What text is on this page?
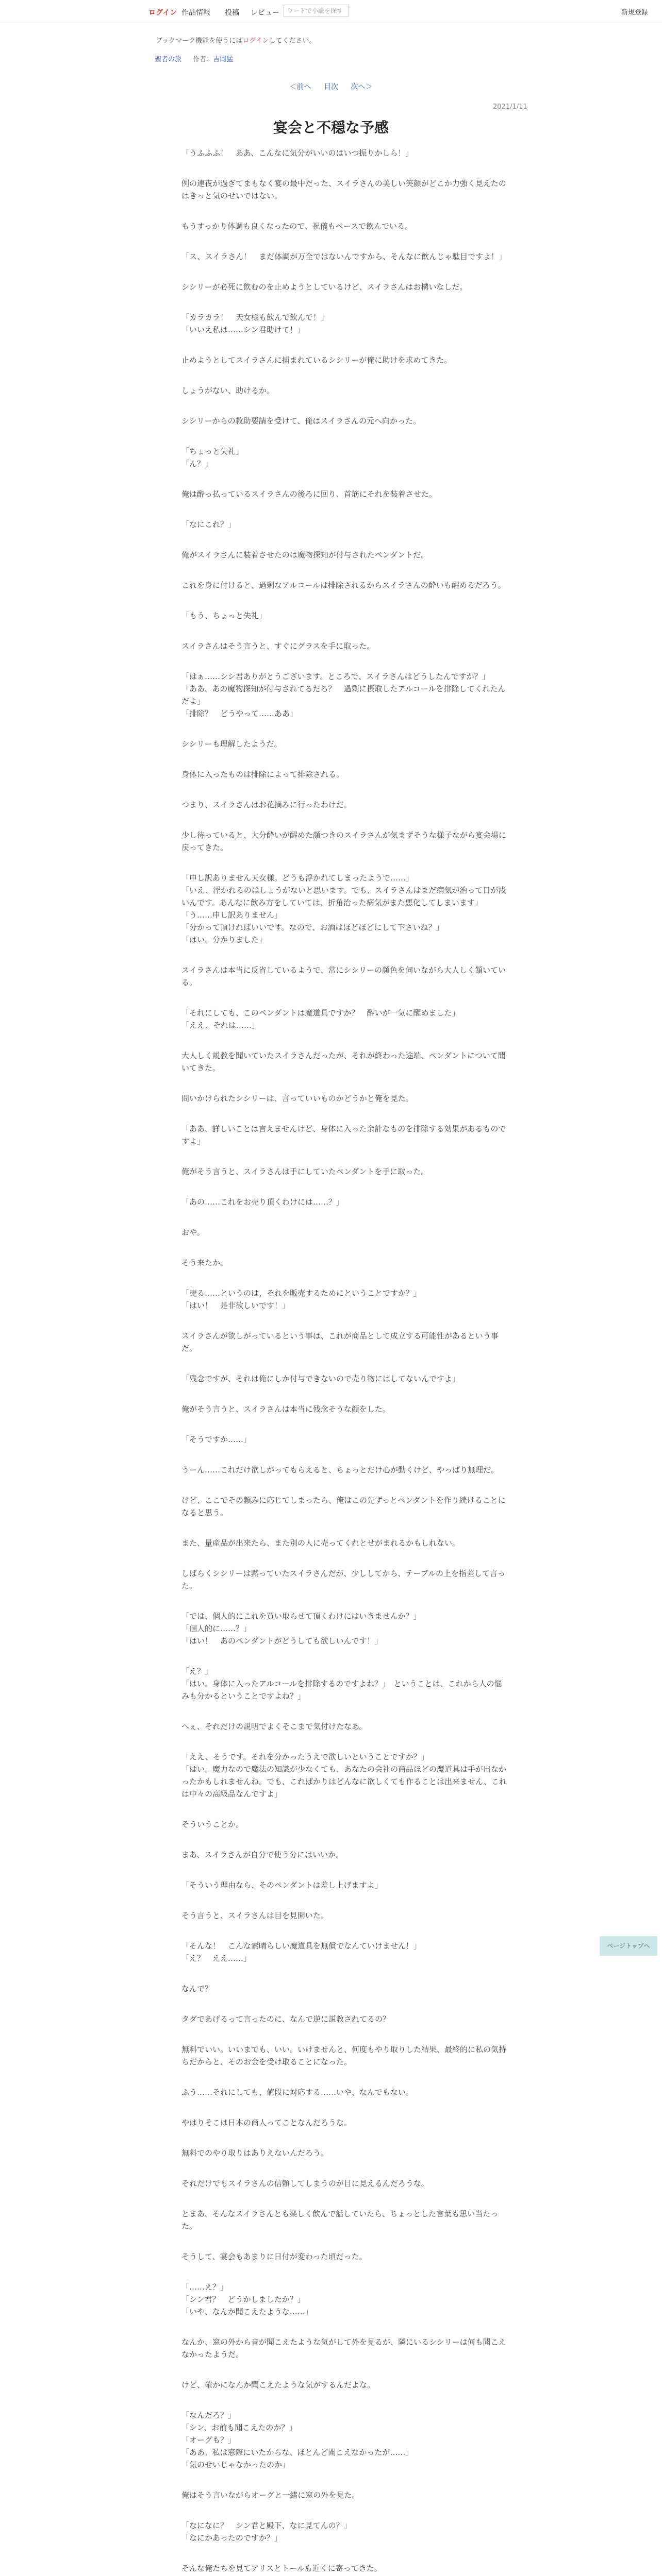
ログイン 作品情報 投稿 レビュー	ワードで小説を探す	新規登録
ブックマーク機能を使うにはログインしてください。
聖者の旅 作者：吉岡猛
＜前へ 目次 次へ＞
2021/1/11
宴会と不穏な予感
「うふふふ！　ああ、こんなに気分がいいのはいつ振りかしら！」
例の連夜が過ぎてまもなく宴の最中だった、スイラさんの美しい笑顔がどこか力強く見えたのはきっと気のせいではない。
もうすっかり体調も良くなったので、祝儀もベースで飲んでいる。
「ス、スイラさん！　まだ体調が万全ではないんですから、そんなに飲んじゃ駄目ですよ！」
シシリーが必死に飲むのを止めようとしているけど、スイラさんはお構いなしだ。
「カラカラ！　天女様も飲んで飲んで！」
「いいえ私は……シン君助けて！」
止めようとしてスイラさんに捕まれているシシリーが俺に助けを求めてきた。
しょうがない、助けるか。
シシリーからの救助要請を受けて、俺はスイラさんの元へ向かった。
「ちょっと失礼」
「ん？」
俺は酔っ払っているスイラさんの後ろに回り、首筋にそれを装着させた。
「なにこれ？」
俺がスイラさんに装着させたのは魔物探知が付与されたペンダントだ。
これを身に付けると、過剰なアルコールは排除されるからスイラさんの酔いも醒めるだろう。
「もう、ちょっと失礼」
スイラさんはそう言うと、すぐにグラスを手に取った。
「はぁ……シシ君ありがとうございます。ところで、スイラさんはどうしたんですか？」
「ああ、あの魔物探知が付与されてるだろ？　過剰に摂取したアルコールを排除してくれたんだよ」
「排除？　どうやって……ああ」
シシリーも理解したようだ。
身体に入ったものは排除によって排除される。
つまり、スイラさんはお花摘みに行ったわけだ。
少し待っていると、大分酔いが醒めた顔つきのスイラさんが気まずそうな様子ながら宴会場に戻ってきた。
「申し訳ありません天女様。どうも浮かれてしまったようで……」
「いえ、浮かれるのはしょうがないと思います。でも、スイラさんはまだ病気が治って日が浅いんです。あんなに飲み方をしていては、折角治った病気がまた悪化してしまいます」
「う……申し訳ありません」
「分かって頂ければいいです。なので、お酒はほどほどにして下さいね？」
「はい。分かりました」
スイラさんは本当に反省しているようで、常にシシリーの顔色を伺いながら大人しく頷いている。
「それにしても、このペンダントは魔道具ですか？　酔いが一気に醒めました」
「ええ、それは……」
大人しく説教を聞いていたスイラさんだったが、それが終わった途端、ペンダントについて聞いてきた。
問いかけられたシシリーは、言っていいものかどうかと俺を見た。
「ああ、詳しいことは言えませんけど、身体に入った余計なものを排除する効果があるものですよ」
俺がそう言うと、スイラさんは手にしていたペンダントを手に取った。
「あの……これをお売り頂くわけには……？」
おや。
そう来たか。
「売る……というのは、それを販売するためにということですか？」
「はい！　是非欲しいです！」
スイラさんが欲しがっているという事は、これが商品として成立する可能性があるという事だ。
「残念ですが、それは俺にしか付与できないので売り物にはしてないんですよ」
俺がそう言うと、スイラさんは本当に残念そうな顔をした。
「そうですか……」
うーん……これだけ欲しがってもらえると、ちょっとだけ心が動くけど、やっぱり無理だ。
けど、ここでその頼みに応じてしまったら、俺はこの先ずっとペンダントを作り続けることになると思う。
また、量産品が出来たら、また別の人に売ってくれとせがまれるかもしれない。
しばらくシシリーは黙っていたスイラさんだが、少ししてから、テーブルの上を指差して言った。
「では、個人的にこれを買い取らせて頂くわけにはいきませんか？」
「個人的に……？」
「はい！　あのペンダントがどうしても欲しいんです！」
「え？」
「はい。身体に入ったアルコールを排除するのですよね？」　ということは、これから人の悩みも分かるということですよね？」
へぇ、それだけの説明でよくそこまで気付けたなあ。
「ええ、そうです。それを分かったうえで欲しいということですか？」
「はい。魔力なので魔法の知識が少なくても、あなたの会社の商品ほどの魔道具は手が出なかったかもしれませんね。でも、こればかりはどんなに欲しくても作ることは出来ません、これは中々の高級品なんですよ」
そういうことか。
まあ、スイラさんが自分で使う分にはいいか。
「そういう理由なら、そのペンダントは差し上げますよ」
そう言うと、スイラさんは目を見開いた。
「そんな！　こんな素晴らしい魔道具を無償でなんていけません！」
「え？　ええ……」
なんで？
タダであげるって言ったのに、なんで逆に説教されてるの？
無料でいい。いいまでも、いい。いけませんと、何度もやり取りした結果、最終的に私の気持ちだからと、そのお金を受け取ることになった。
ふう……それにしても、値段に対応する……いや、なんでもない。
やはりそこは日本の商人ってことなんだろうな。
無料でのやり取りはありえないんだろう。
それだけでもスイラさんの信頼してしまうのが目に見えるんだろうな。
とまあ、そんなスイラさんとも楽しく飲んで話していたら、ちょっとした言葉も思い当たった。
そうして、宴会もあまりに日付が変わった頃だった。
「……え？」
「シン君？　どうかしましたか？」
「いや、なんか聞こえたような……」
なんか、窓の外から音が聞こえたような気がして外を見るが、隣にいるシシリーは何も聞こえなかったようだ。
けど、確かになんか聞こえたような気がするんだよな。
「なんだろ？」
「シン、お前も聞こえたのか？」
「オーグも？」
「ああ。私は窓際にいたからな、ほとんど聞こえなかったが……」
「気のせいじゃなかったのか」
俺はそう言いながらオーグと一緒に窓の外を見た。
「なになに？　シン君と殿下、なに見てんの？」
「なにかあったのですか？」
そんな俺たちを見てアリスとトールも近くに寄ってきた。
ページトップへ
